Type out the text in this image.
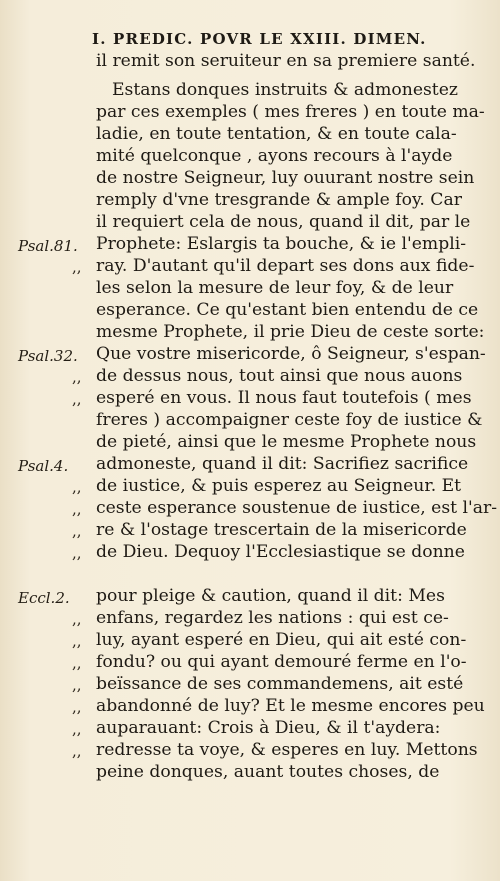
I. PREDIC. POVR LE XXIII. DIMEN.
il remit son seruiteur en sa premiere santé.
Estans donques instruits & admonestez
par ces exemples ( mes freres ) en toute ma-
ladie, en toute tentation, & en toute cala-
mité quelconque , ayons recours à l'ayde
de nostre Seigneur, luy ouurant nostre sein
remply d'vne tresgrande & ample foy. Car
il requiert cela de nous, quand il dit, par le
Psal.81. Prophete: Eslargis ta bouche, & ie l'empli-
,, ray. D'autant qu'il depart ses dons aux fide-
les selon la mesure de leur foy, & de leur
esperance. Ce qu'estant bien entendu de ce
mesme Prophete, il prie Dieu de ceste sorte:
Psal.32. Que vostre misericorde, ô Seigneur, s'espan-
,, de dessus nous, tout ainsi que nous auons
,, esperé en vous. Il nous faut toutefois ( mes
freres ) accompaigner ceste foy de iustice &
de pieté, ainsi que le mesme Prophete nous
Psal.4. admoneste, quand il dit: Sacrifiez sacrifice
,, de iustice, & puis esperez au Seigneur. Et
,, ceste esperance soustenue de iustice, est l'ar-
,, re & l'ostage trescertain de la misericorde
,, de Dieu. Dequoy l'Ecclesiastique se donne
Eccl.2. pour pleige & caution, quand il dit: Mes
,, enfans, regardez les nations : qui est ce-
,, luy, ayant esperé en Dieu, qui ait esté con-
,, fondu? ou qui ayant demouré ferme en l'o-
,, beïssance de ses commandemens, ait esté
,, abandonné de luy? Et le mesme encores peu
,, auparauant: Crois à Dieu, & il t'aydera:
,, redresse ta voye, & esperes en luy. Mettons
peine donques, auant toutes choses, de
